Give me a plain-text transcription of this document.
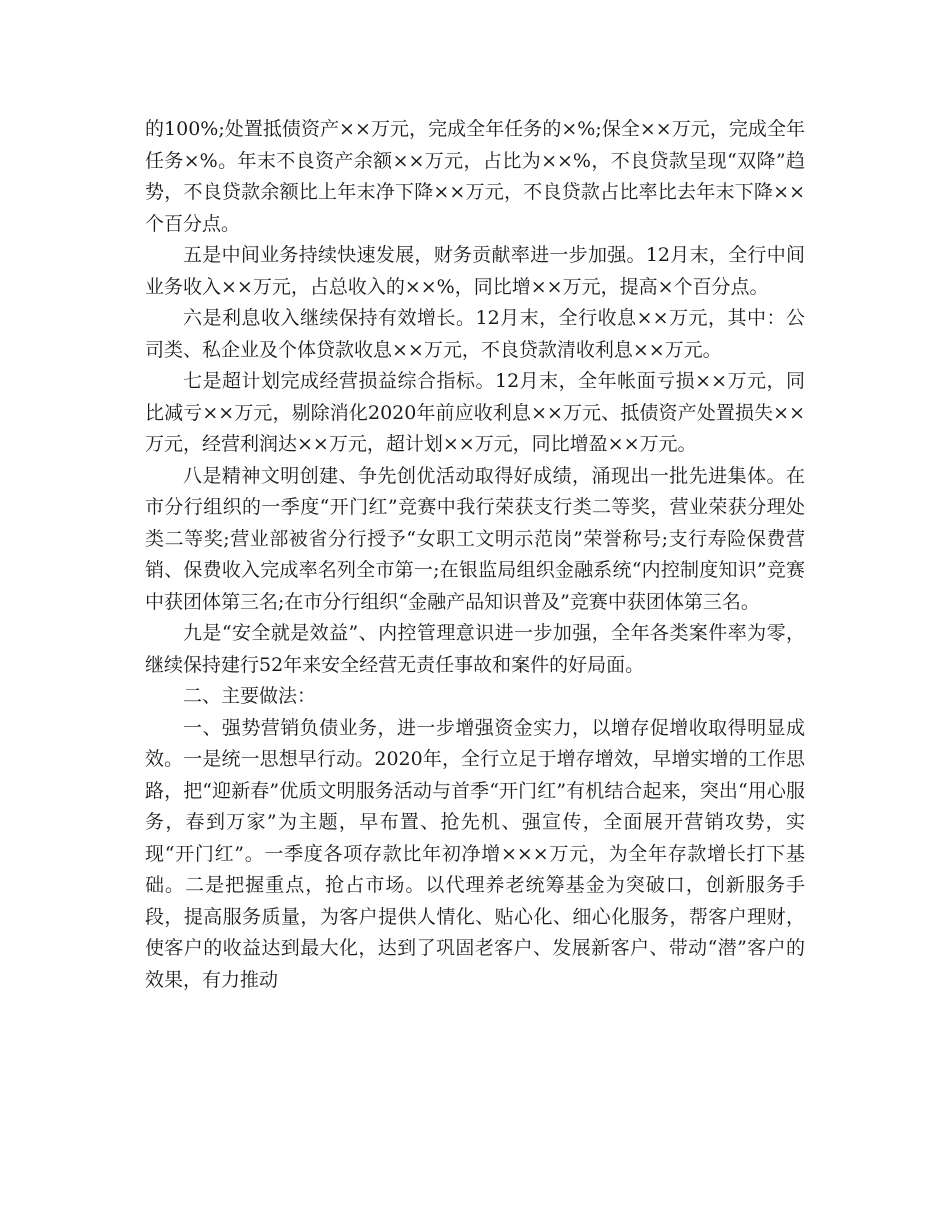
的100%;处置抵债资产××万元，完成全年任务的×%;保全××万元，完成全年任务×%。年末不良资产余额××万元，占比为××%，不良贷款呈现“双降”趋势，不良贷款余额比上年末净下降××万元，不良贷款占比率比去年末下降××个百分点。

五是中间业务持续快速发展，财务贡献率进一步加强。12月末，全行中间业务收入××万元，占总收入的××%，同比增××万元，提高×个百分点。

六是利息收入继续保持有效增长。12月末，全行收息××万元，其中：公司类、私企业及个体贷款收息××万元，不良贷款清收利息××万元。

七是超计划完成经营损益综合指标。12月末，全年帐面亏损××万元，同比减亏××万元，剔除消化2020年前应收利息××万元、抵债资产处置损失××万元，经营利润达××万元，超计划××万元，同比增盈××万元。

八是精神文明创建、争先创优活动取得好成绩，涌现出一批先进集体。在市分行组织的一季度“开门红”竞赛中我行荣获支行类二等奖，营业荣获分理处类二等奖;营业部被省分行授予“女职工文明示范岗”荣誉称号;支行寿险保费营销、保费收入完成率名列全市第一;在银监局组织金融系统“内控制度知识”竞赛中获团体第三名;在市分行组织“金融产品知识普及”竞赛中获团体第三名。

九是“安全就是效益”、内控管理意识进一步加强，全年各类案件率为零，继续保持建行52年来安全经营无责任事故和案件的好局面。

二、主要做法：

一、强势营销负债业务，进一步增强资金实力，以增存促增收取得明显成效。一是统一思想早行动。2020年，全行立足于增存增效，早增实增的工作思路，把“迎新春”优质文明服务活动与首季“开门红”有机结合起来，突出“用心服务，春到万家”为主题，早布置、抢先机、强宣传，全面展开营销攻势，实现“开门红”。一季度各项存款比年初净增×××万元，为全年存款增长打下基础。二是把握重点，抢占市场。以代理养老统筹基金为突破口，创新服务手段，提高服务质量，为客户提供人情化、贴心化、细心化服务，帮客户理财，使客户的收益达到最大化，达到了巩固老客户、发展新客户、带动“潜”客户的效果，有力推动
